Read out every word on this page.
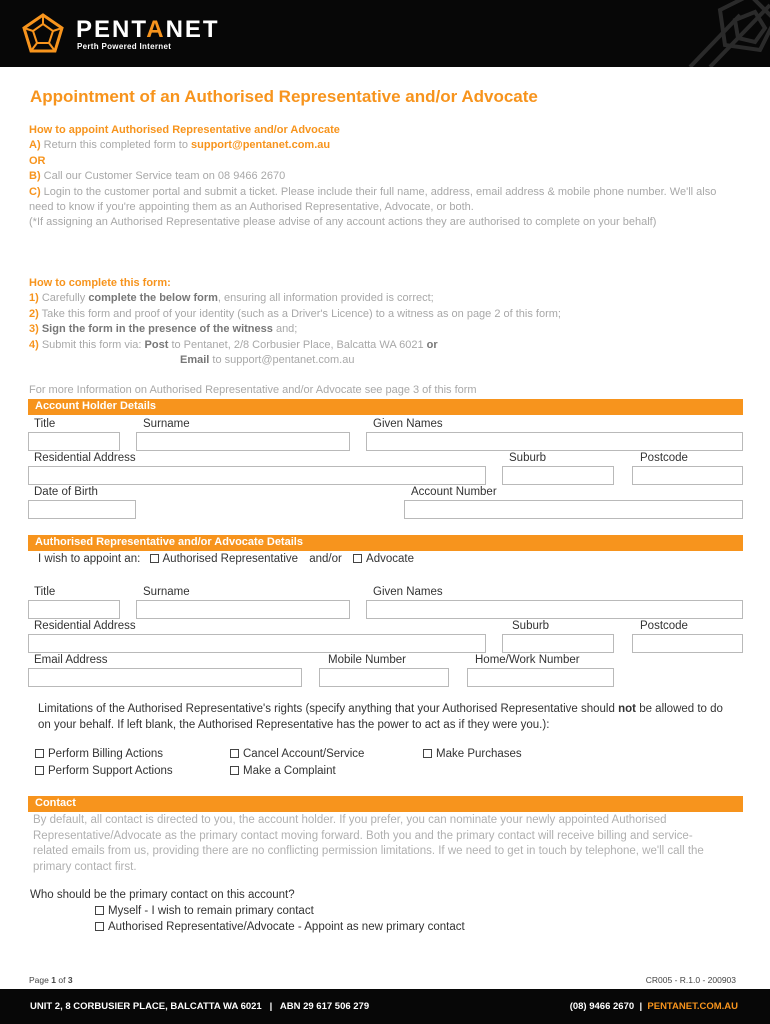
PENTANET
Perth Powered Internet
Appointment of an Authorised Representative and/or Advocate
How to appoint Authorised Representative and/or Advocate
A) Return this completed form to support@pentanet.com.au
OR
B) Call our Customer Service team on 08 9466 2670
C) Login to the customer portal and submit a ticket. Please include their full name, address, email address & mobile phone number. We'll also need to know if you're appointing them as an Authorised Representative, Advocate, or both.
(*If assigning an Authorised Representative please advise of any account actions they are authorised to complete on your behalf)
How to complete this form:
1) Carefully complete the below form, ensuring all information provided is correct;
2) Take this form and proof of your identity (such as a Driver's Licence) to a witness as on page 2 of this form;
3) Sign the form in the presence of the witness and;
4) Submit this form via: Post to Pentanet, 2/8 Corbusier Place, Balcatta WA 6021 or
Email to support@pentanet.com.au
For more Information on Authorised Representative and/or Advocate see page 3 of this form
Account Holder Details
Title	Surname	Given Names
Residential Address	Suburb	Postcode
Date of Birth	Account Number
Authorised Representative and/or Advocate Details
I wish to appoint an: Authorised Representative and/or Advocate
Title	Surname	Given Names
Residential Address	Suburb	Postcode
Email Address	Mobile Number	Home/Work Number
Limitations of the Authorised Representative's rights (specify anything that your Authorised Representative should not be allowed to do on your behalf. If left blank, the Authorised Representative has the power to act as if they were you.):
Perform Billing Actions	Cancel Account/Service	Make Purchases
Perform Support Actions	Make a Complaint
Contact
By default, all contact is directed to you, the account holder. If you prefer, you can nominate your newly appointed Authorised Representative/Advocate as the primary contact moving forward. Both you and the primary contact will receive billing and service-related emails from us, providing there are no conflicting permission limitations. If we need to get in touch by telephone, we'll call the primary contact first.
Who should be the primary contact on this account?
Myself - I wish to remain primary contact
Authorised Representative/Advocate - Appoint as new primary contact
Page 1 of 3	CR005 - R.1.0 - 200903
UNIT 2, 8 CORBUSIER PLACE, BALCATTA WA 6021   |   ABN 29 617 506 279	(08) 9466 2670 | PENTANET.COM.AU
